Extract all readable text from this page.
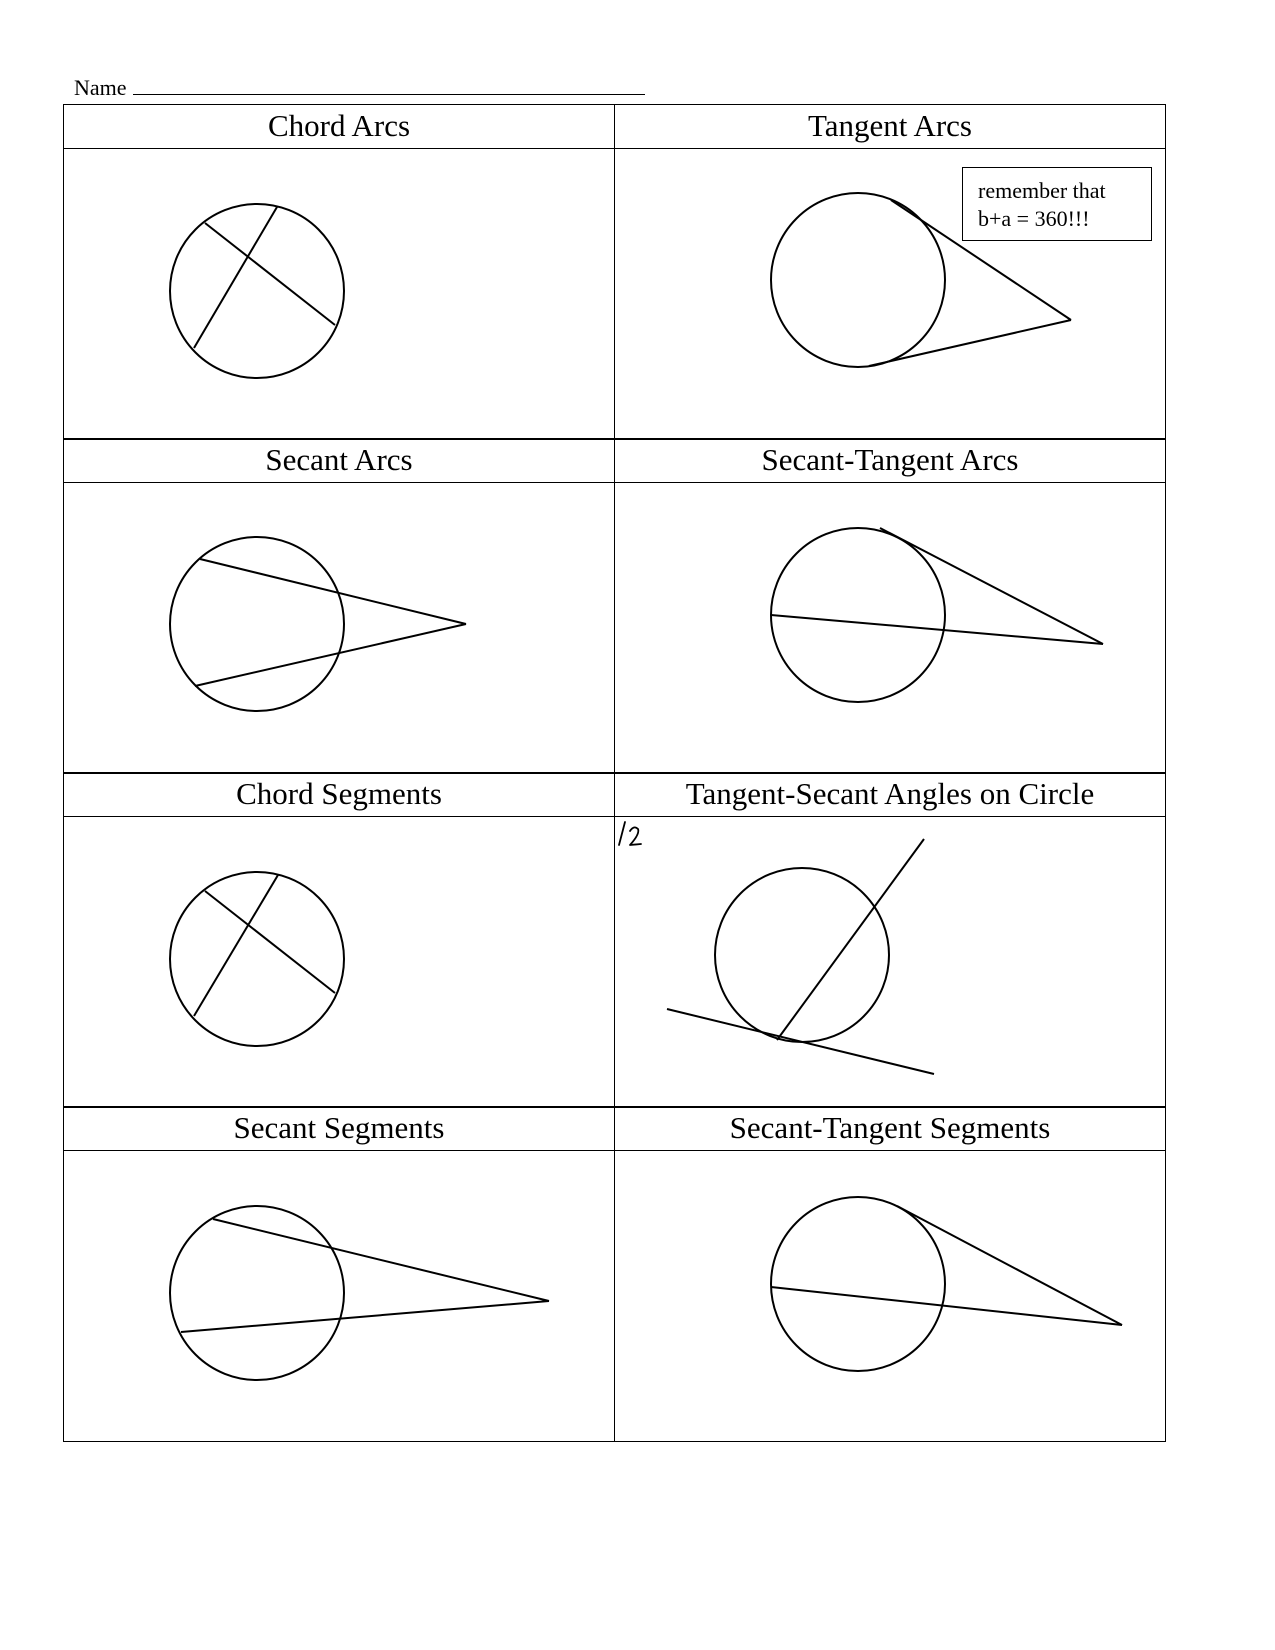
Name
Chord Arcs	Tangent Arcs
remember that
b+a = 360!!!
Secant Arcs	Secant-Tangent Arcs
Chord Segments	Tangent-Secant Angles on Circle
Secant Segments	Secant-Tangent Segments
